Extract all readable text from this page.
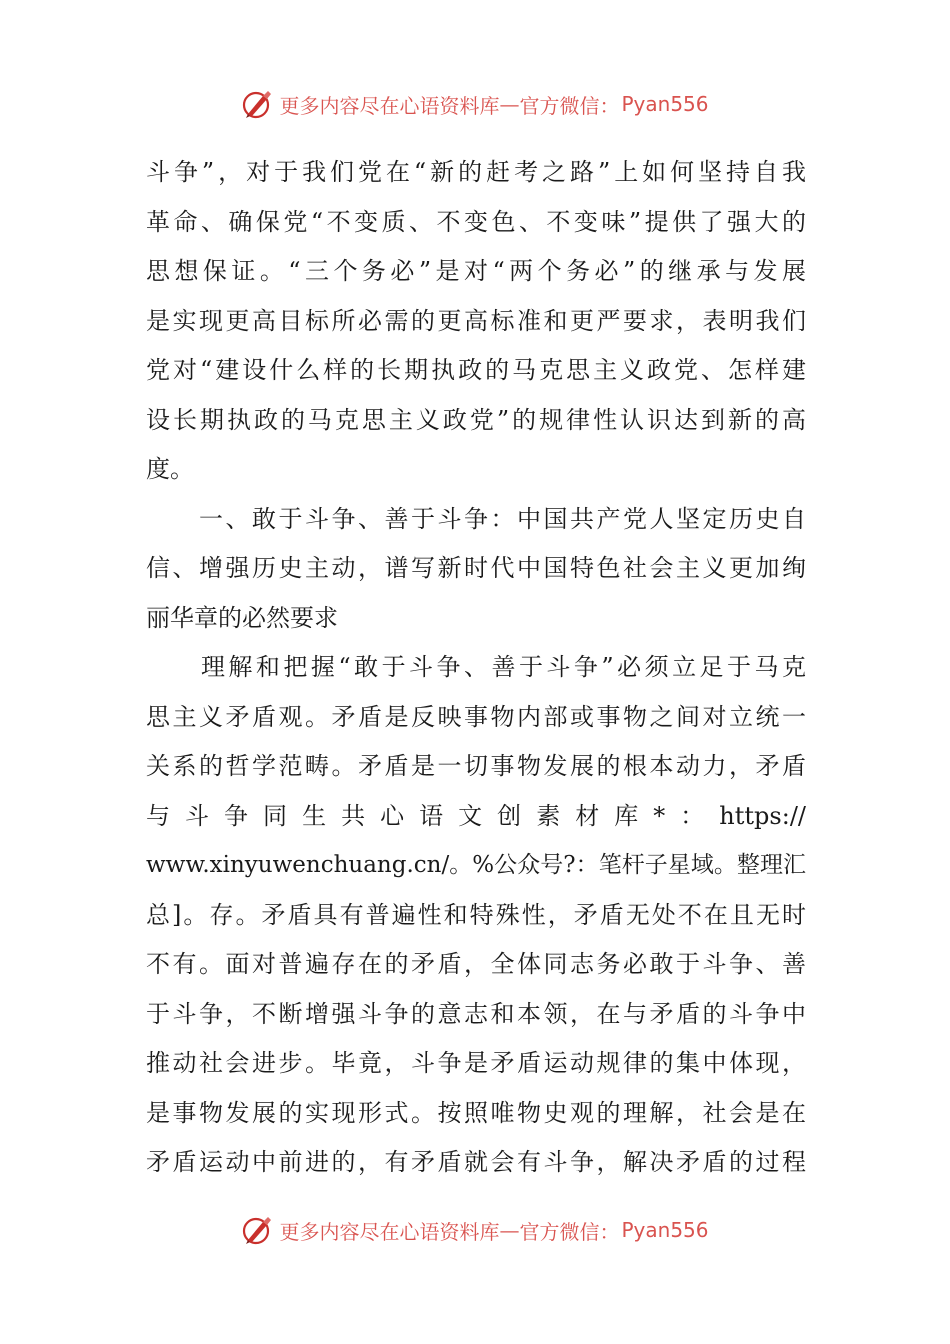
更多内容尽在心语资料库 — 官方微信： Pyan556
斗争”，对于我们党在“新的赶考之路”上如何坚持自我
革命、确保党“不变质、不变色、不变味”提供了强大的
思想保证。“三个务必”是对“两个务必”的继承与发展
是实现更高目标所必需的更高标准和更严要求，表明我们
党对“建设什么样的长期执政的马克思主义政党、怎样建
设长期执政的马克思主义政党”的规律性认识达到新的高
度。
　　一、敢于斗争、善于斗争：中国共产党人坚定历史自
信、增强历史主动，谱写新时代中国特色社会主义更加绚
丽华章的必然要求
　　理解和把握“敢于斗争、善于斗争”必须立足于马克
思主义矛盾观。矛盾是反映事物内部或事物之间对立统一
关系的哲学范畴。矛盾是一切事物发展的根本动力，矛盾
与斗争同生共心语文创素材库*：https://
www.xinyuwenchuang.cn/。%公众号?：笔杆子星域。整理汇
总]。存。矛盾具有普遍性和特殊性，矛盾无处不在且无时
不有。面对普遍存在的矛盾，全体同志务必敢于斗争、善
于斗争，不断增强斗争的意志和本领，在与矛盾的斗争中
推动社会进步。毕竟，斗争是矛盾运动规律的集中体现，
是事物发展的实现形式。按照唯物史观的理解，社会是在
矛盾运动中前进的，有矛盾就会有斗争，解决矛盾的过程
更多内容尽在心语资料库 — 官方微信： Pyan556
